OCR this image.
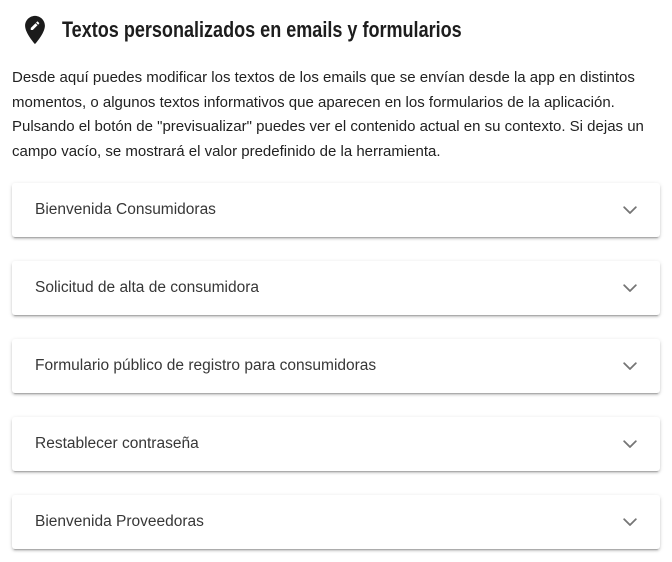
Textos personalizados en emails y formularios

Desde aquí puedes modificar los textos de los emails que se envían desde la app en distintos momentos, o algunos textos informativos que aparecen en los formularios de la aplicación. Pulsando el botón de "previsualizar" puedes ver el contenido actual en su contexto. Si dejas un campo vacío, se mostrará el valor predefinido de la herramienta.

Bienvenida Consumidoras
Solicitud de alta de consumidora
Formulario público de registro para consumidoras
Restablecer contraseña
Bienvenida Proveedoras
